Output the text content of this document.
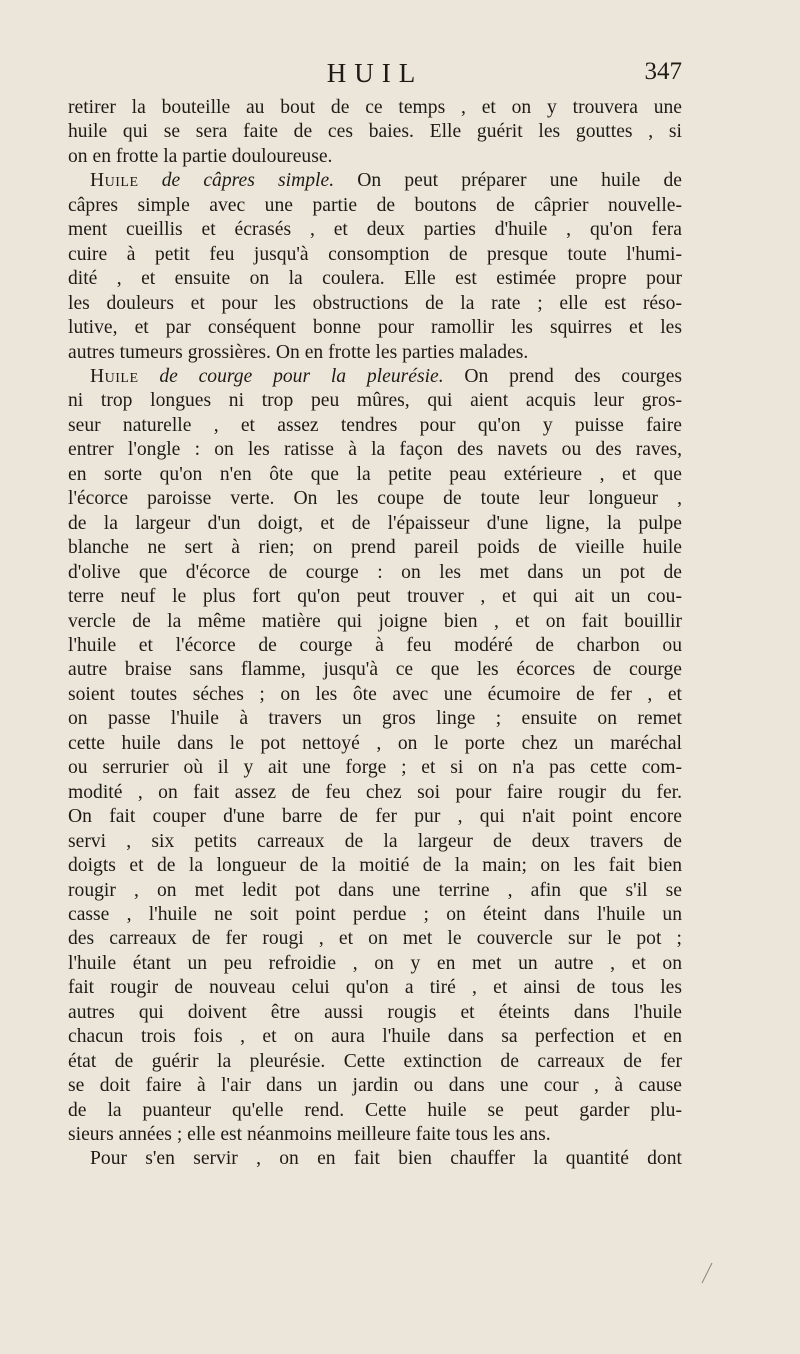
HUIL	347
retirer la bouteille au bout de ce temps , et on y trouvera une
huile qui se sera faite de ces baies. Elle guérit les gouttes , si
on en frotte la partie douloureuse.
Huile de câpres simple. On peut préparer une huile de
câpres simple avec une partie de boutons de câprier nouvelle-
ment cueillis et écrasés , et deux parties d'huile , qu'on fera
cuire à petit feu jusqu'à consomption de presque toute l'humi-
dité , et ensuite on la coulera. Elle est estimée propre pour
les douleurs et pour les obstructions de la rate ; elle est réso-
lutive, et par conséquent bonne pour ramollir les squirres et les
autres tumeurs grossières. On en frotte les parties malades.
Huile de courge pour la pleurésie. On prend des courges
ni trop longues ni trop peu mûres, qui aient acquis leur gros-
seur naturelle , et assez tendres pour qu'on y puisse faire
entrer l'ongle : on les ratisse à la façon des navets ou des raves,
en sorte qu'on n'en ôte que la petite peau extérieure , et que
l'écorce paroisse verte. On les coupe de toute leur longueur ,
de la largeur d'un doigt, et de l'épaisseur d'une ligne, la pulpe
blanche ne sert à rien; on prend pareil poids de vieille huile
d'olive que d'écorce de courge : on les met dans un pot de
terre neuf le plus fort qu'on peut trouver , et qui ait un cou-
vercle de la même matière qui joigne bien , et on fait bouillir
l'huile et l'écorce de courge à feu modéré de charbon ou
autre braise sans flamme, jusqu'à ce que les écorces de courge
soient toutes séches ; on les ôte avec une écumoire de fer , et
on passe l'huile à travers un gros linge ; ensuite on remet
cette huile dans le pot nettoyé , on le porte chez un maréchal
ou serrurier où il y ait une forge ; et si on n'a pas cette com-
modité , on fait assez de feu chez soi pour faire rougir du fer.
On fait couper d'une barre de fer pur , qui n'ait point encore
servi , six petits carreaux de la largeur de deux travers de
doigts et de la longueur de la moitié de la main; on les fait bien
rougir , on met ledit pot dans une terrine , afin que s'il se
casse , l'huile ne soit point perdue ; on éteint dans l'huile un
des carreaux de fer rougi , et on met le couvercle sur le pot ;
l'huile étant un peu refroidie , on y en met un autre , et on
fait rougir de nouveau celui qu'on a tiré , et ainsi de tous les
autres qui doivent être aussi rougis et éteints dans l'huile
chacun trois fois , et on aura l'huile dans sa perfection et en
état de guérir la pleurésie. Cette extinction de carreaux de fer
se doit faire à l'air dans un jardin ou dans une cour , à cause
de la puanteur qu'elle rend. Cette huile se peut garder plu-
sieurs années ; elle est néanmoins meilleure faite tous les ans.
Pour s'en servir , on en fait bien chauffer la quantité dont
